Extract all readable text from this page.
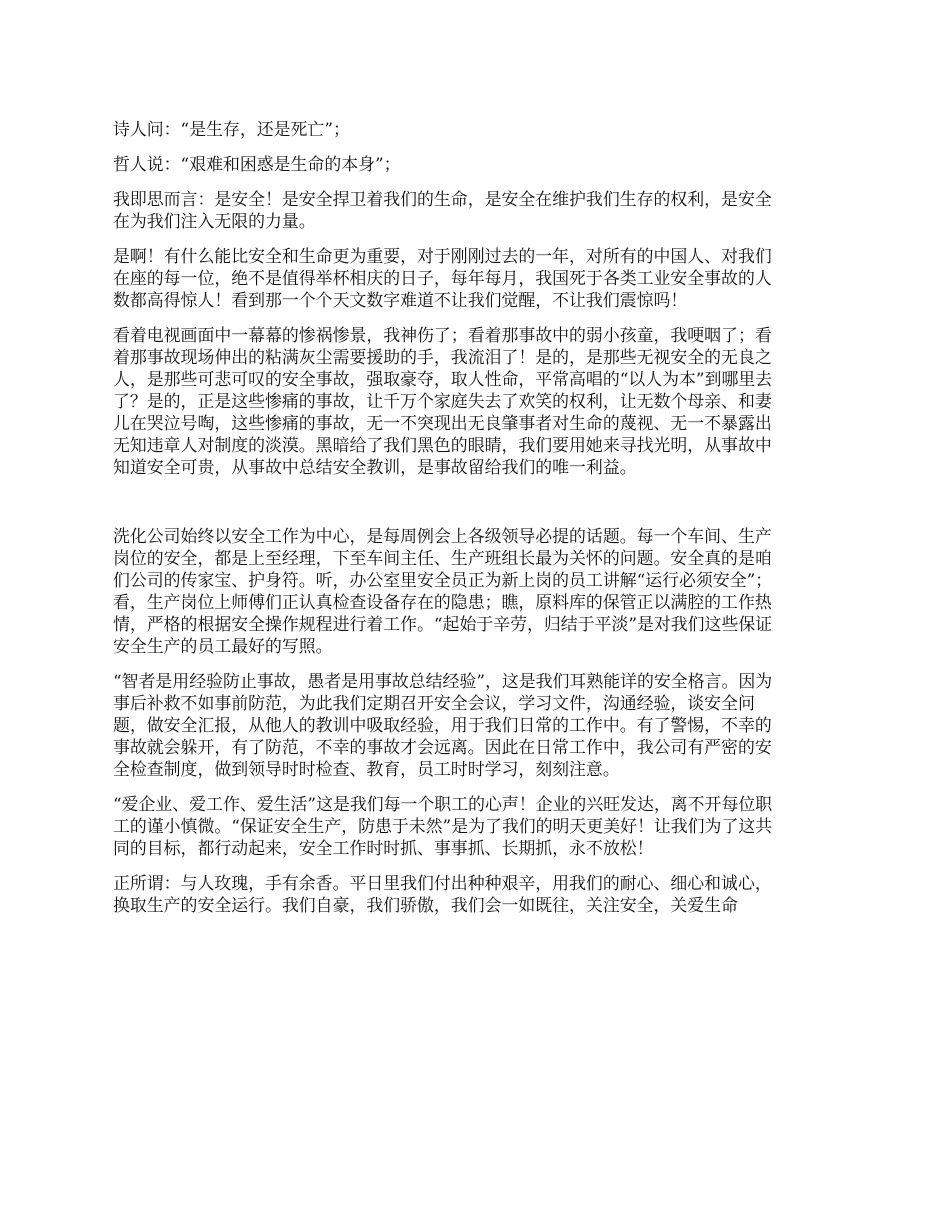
诗人问：“是生存，还是死亡”；

哲人说：“艰难和困惑是生命的本身”；

我即思而言：是安全！是安全捍卫着我们的生命，是安全在维护我们生存的权利，是安全
在为我们注入无限的力量。

是啊！有什么能比安全和生命更为重要，对于刚刚过去的一年，对所有的中国人、对我们
在座的每一位，绝不是值得举杯相庆的日子，每年每月，我国死于各类工业安全事故的人
数都高得惊人！看到那一个个天文数字难道不让我们觉醒，不让我们震惊吗！

看着电视画面中一幕幕的惨祸惨景，我神伤了；看着那事故中的弱小孩童，我哽咽了；看
着那事故现场伸出的粘满灰尘需要援助的手，我流泪了！是的，是那些无视安全的无良之
人，是那些可悲可叹的安全事故，强取豪夺，取人性命，平常高唱的“以人为本”到哪里去
了？是的，正是这些惨痛的事故，让千万个家庭失去了欢笑的权利，让无数个母亲、和妻
儿在哭泣号啕，这些惨痛的事故，无一不突现出无良肇事者对生命的蔑视、无一不暴露出
无知违章人对制度的淡漠。黑暗给了我们黑色的眼睛，我们要用她来寻找光明，从事故中
知道安全可贵，从事故中总结安全教训，是事故留给我们的唯一利益。

洗化公司始终以安全工作为中心，是每周例会上各级领导必提的话题。每一个车间、生产
岗位的安全，都是上至经理，下至车间主任、生产班组长最为关怀的问题。安全真的是咱
们公司的传家宝、护身符。听，办公室里安全员正为新上岗的员工讲解“运行必须安全”；
看，生产岗位上师傅们正认真检查设备存在的隐患；瞧，原料库的保管正以满腔的工作热
情，严格的根据安全操作规程进行着工作。“起始于辛劳，归结于平淡”是对我们这些保证
安全生产的员工最好的写照。

“智者是用经验防止事故，愚者是用事故总结经验”，这是我们耳熟能详的安全格言。因为
事后补救不如事前防范，为此我们定期召开安全会议，学习文件，沟通经验，谈安全问
题，做安全汇报，从他人的教训中吸取经验，用于我们日常的工作中。有了警惕，不幸的
事故就会躲开，有了防范，不幸的事故才会远离。因此在日常工作中，我公司有严密的安
全检查制度，做到领导时时检查、教育，员工时时学习，刻刻注意。

“爱企业、爱工作、爱生活”这是我们每一个职工的心声！企业的兴旺发达，离不开每位职
工的谨小慎微。“保证安全生产，防患于未然”是为了我们的明天更美好！让我们为了这共
同的目标，都行动起来，安全工作时时抓、事事抓、长期抓，永不放松！

正所谓：与人玫瑰，手有余香。平日里我们付出种种艰辛，用我们的耐心、细心和诚心，
换取生产的安全运行。我们自豪，我们骄傲，我们会一如既往，关注安全，关爱生命
